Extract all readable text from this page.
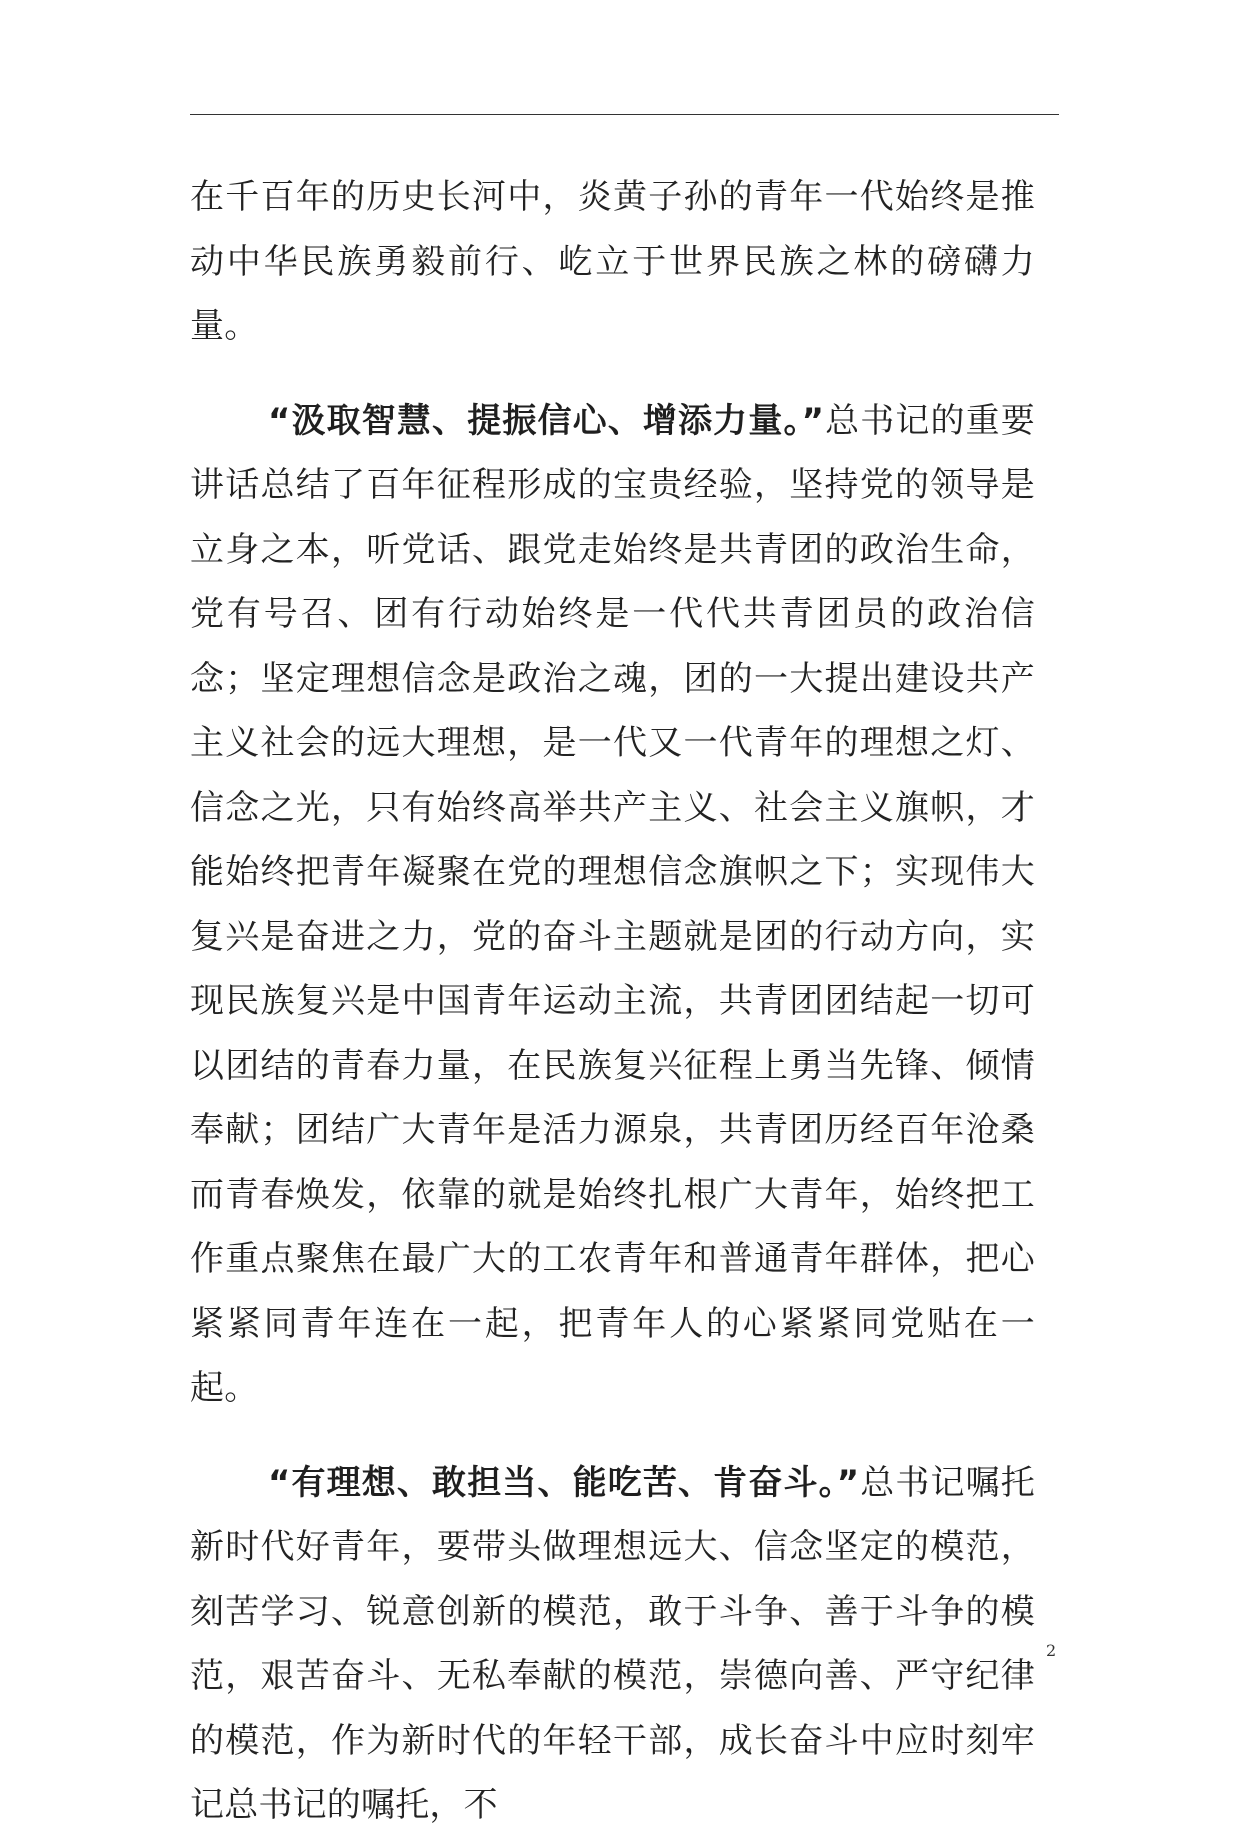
在千百年的历史长河中，炎黄子孙的青年一代始终是推动中华民族勇毅前行、屹立于世界民族之林的磅礴力量。

“汲取智慧、提振信心、增添力量。”总书记的重要讲话总结了百年征程形成的宝贵经验，坚持党的领导是立身之本，听党话、跟党走始终是共青团的政治生命，党有号召、团有行动始终是一代代共青团员的政治信念；坚定理想信念是政治之魂，团的一大提出建设共产主义社会的远大理想，是一代又一代青年的理想之灯、信念之光，只有始终高举共产主义、社会主义旗帜，才能始终把青年凝聚在党的理想信念旗帜之下；实现伟大复兴是奋进之力，党的奋斗主题就是团的行动方向，实现民族复兴是中国青年运动主流，共青团团结起一切可以团结的青春力量，在民族复兴征程上勇当先锋、倾情奉献；团结广大青年是活力源泉，共青团历经百年沧桑而青春焕发，依靠的就是始终扎根广大青年，始终把工作重点聚焦在最广大的工农青年和普通青年群体，把心紧紧同青年连在一起，把青年人的心紧紧同党贴在一起。

“有理想、敢担当、能吃苦、肯奋斗。”总书记嘱托新时代好青年，要带头做理想远大、信念坚定的模范，刻苦学习、锐意创新的模范，敢于斗争、善于斗争的模范，艰苦奋斗、无私奉献的模范，崇德向善、严守纪律的模范，作为新时代的年轻干部，成长奋斗中应时刻牢记总书记的嘱托，不

2
